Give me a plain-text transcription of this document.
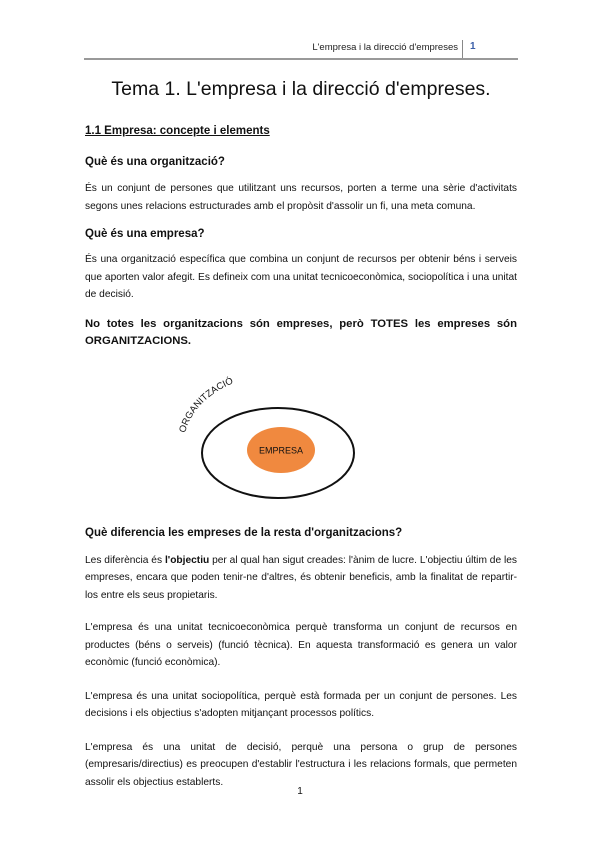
L'empresa i la direcció d'empreses 1
Tema 1. L'empresa i la direcció d'empreses.
1.1 Empresa: concepte i elements
Què és una organització?

És un conjunt de persones que utilitzant uns recursos, porten a terme una sèrie d'activitats segons unes relacions estructurades amb el propòsit d'assolir un fi, una meta comuna.

Què és una empresa?

És una organització específica que combina un conjunt de recursos per obtenir béns i serveis que aporten valor afegit. Es defineix com una unitat tecnicoeconòmica, sociopolítica i una unitat de decisió.

No totes les organitzacions són empreses, però TOTES les empreses són ORGANITZACIONS.

EMPRESA
ORGANITZACIÓ
Què diferencia les empreses de la resta d'organitzacions?

Les diferència és l'objectiu per al qual han sigut creades: l'ànim de lucre. L'objectiu últim de les empreses, encara que poden tenir-ne d'altres, és obtenir beneficis, amb la finalitat de repartir- los entre els seus propietaris.

L'empresa és una unitat tecnicoeconòmica perquè transforma un conjunt de recursos en productes (béns o serveis) (funció tècnica). En aquesta transformació es genera un valor econòmic (funció econòmica).

L'empresa és una unitat sociopolítica, perquè està formada per un conjunt de persones. Les decisions i els objectius s'adopten mitjançant processos polítics.

L'empresa és una unitat de decisió, perquè una persona o grup de persones (empresaris/directius) es preocupen d'establir l'estructura i les relacions formals, que permeten assolir els objectius establerts.

1
